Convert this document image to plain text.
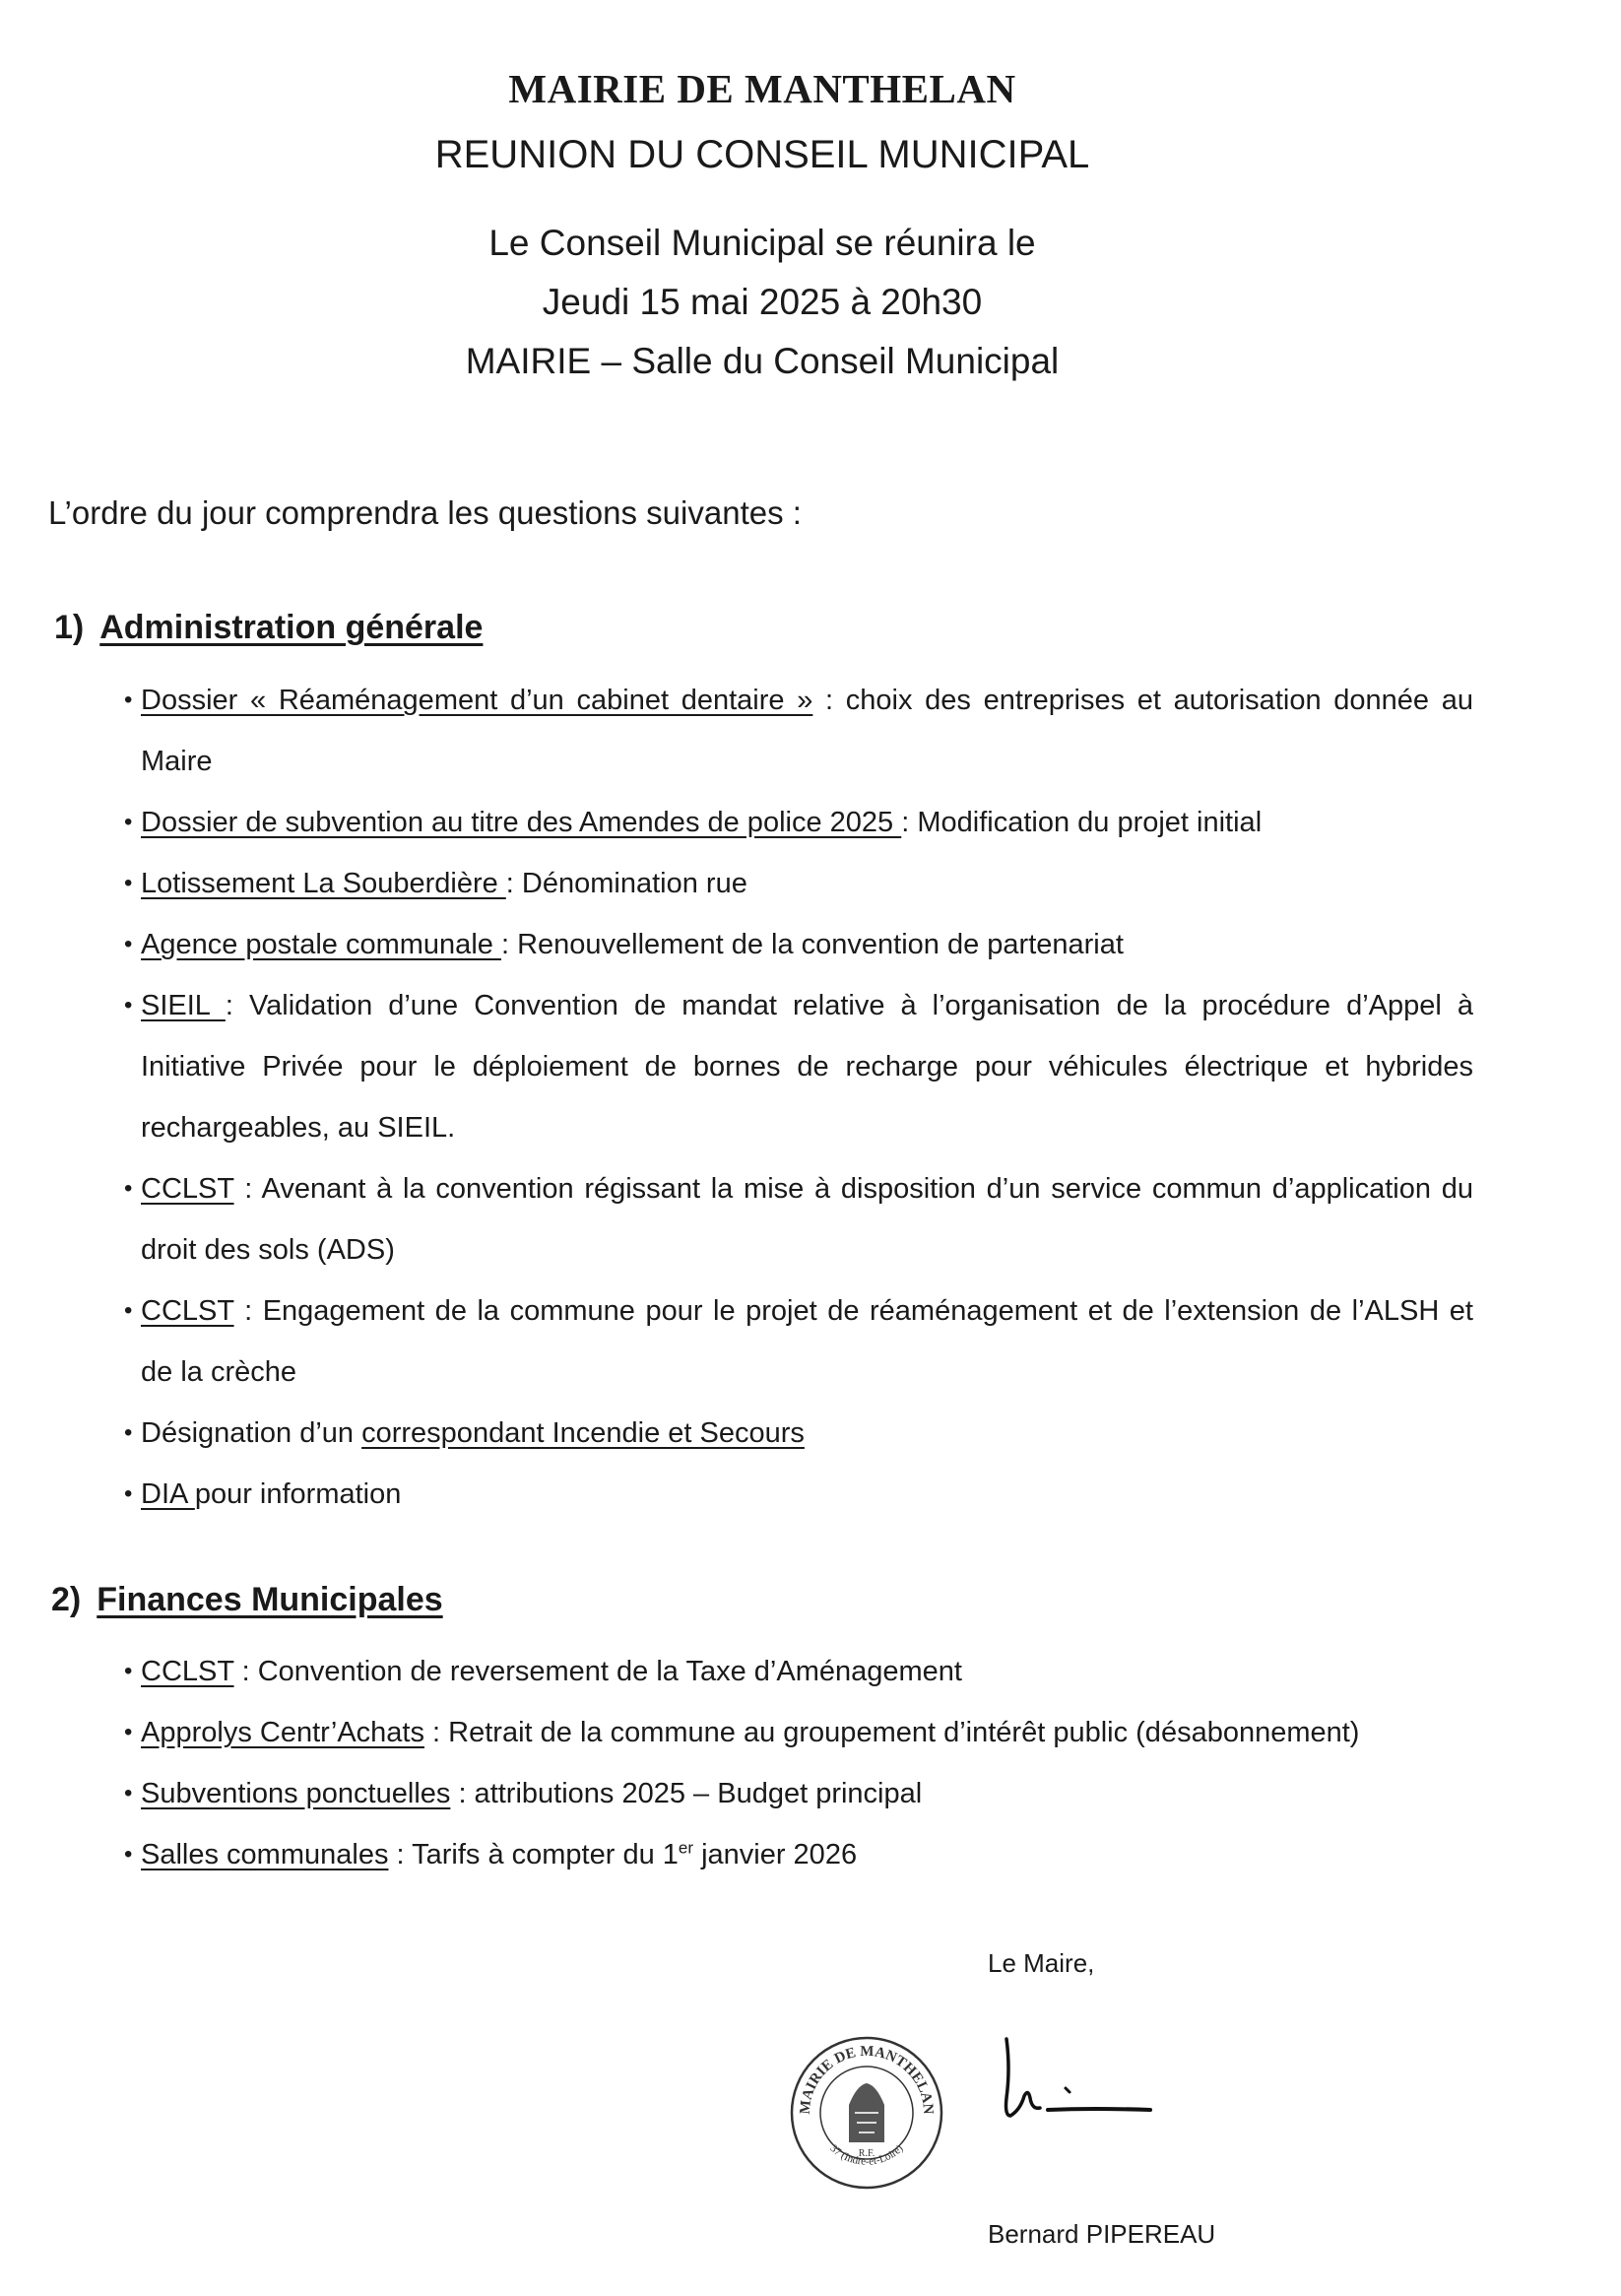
MAIRIE DE MANTHELAN
REUNION DU CONSEIL MUNICIPAL
Le Conseil Municipal se réunira le
Jeudi 15 mai 2025 à 20h30
MAIRIE – Salle du Conseil Municipal
L’ordre du jour comprendra les questions suivantes :
1) Administration générale
• Dossier « Réaménagement d’un cabinet dentaire » : choix des entreprises et autorisation donnée au Maire
• Dossier de subvention au titre des Amendes de police 2025 : Modification du projet initial
• Lotissement La Souberdière : Dénomination rue
• Agence postale communale : Renouvellement de la convention de partenariat
• SIEIL : Validation d’une Convention de mandat relative à l’organisation de la procédure d’Appel à Initiative Privée pour le déploiement de bornes de recharge pour véhicules électrique et hybrides rechargeables, au SIEIL.
• CCLST : Avenant à la convention régissant la mise à disposition d’un service commun d’application du droit des sols (ADS)
• CCLST : Engagement de la commune pour le projet de réaménagement et de l’extension de l’ALSH et de la crèche
• Désignation d’un correspondant Incendie et Secours
• DIA pour information
2) Finances Municipales
• CCLST : Convention de reversement de la Taxe d’Aménagement
• Approlys Centr’Achats : Retrait de la commune au groupement d’intérêt public (désabonnement)
• Subventions ponctuelles : attributions 2025 – Budget principal
• Salles communales : Tarifs à compter du 1er janvier 2026
Le Maire,
MAIRIE DE MANTHELAN
37 (Indre-et-Loire)
R.F.
Bernard PIPEREAU
